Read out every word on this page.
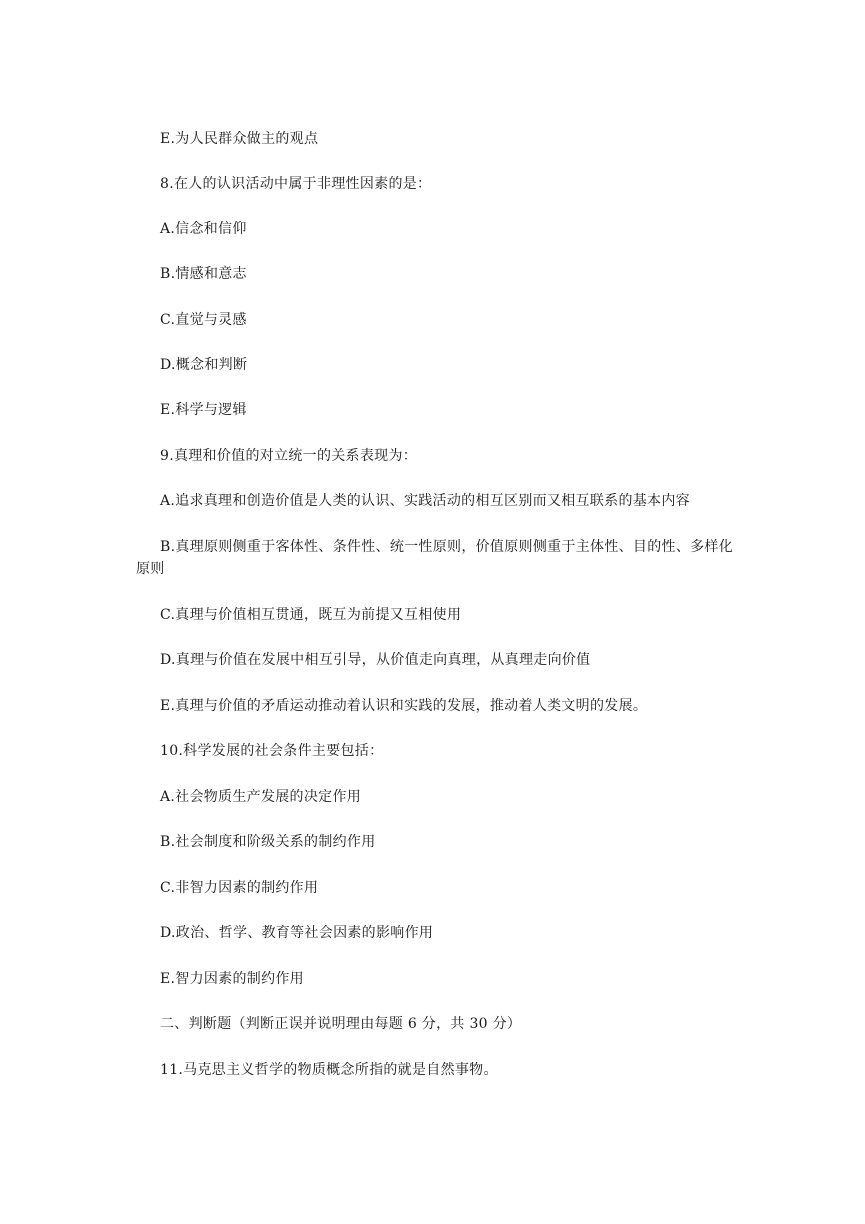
E.为人民群众做主的观点
8.在人的认识活动中属于非理性因素的是：
A.信念和信仰
B.情感和意志
C.直觉与灵感
D.概念和判断
E.科学与逻辑
9.真理和价值的对立统一的关系表现为：
A.追求真理和创造价值是人类的认识、实践活动的相互区别而又相互联系的基本内容
B.真理原则侧重于客体性、条件性、统一性原则，价值原则侧重于主体性、目的性、多样化原则
C.真理与价值相互贯通，既互为前提又互相使用
D.真理与价值在发展中相互引导，从价值走向真理，从真理走向价值
E.真理与价值的矛盾运动推动着认识和实践的发展，推动着人类文明的发展。
10.科学发展的社会条件主要包括：
A.社会物质生产发展的决定作用
B.社会制度和阶级关系的制约作用
C.非智力因素的制约作用
D.政治、哲学、教育等社会因素的影响作用
E.智力因素的制约作用
二、判断题（判断正误并说明理由每题 6 分，共 30 分）
11.马克思主义哲学的物质概念所指的就是自然事物。
